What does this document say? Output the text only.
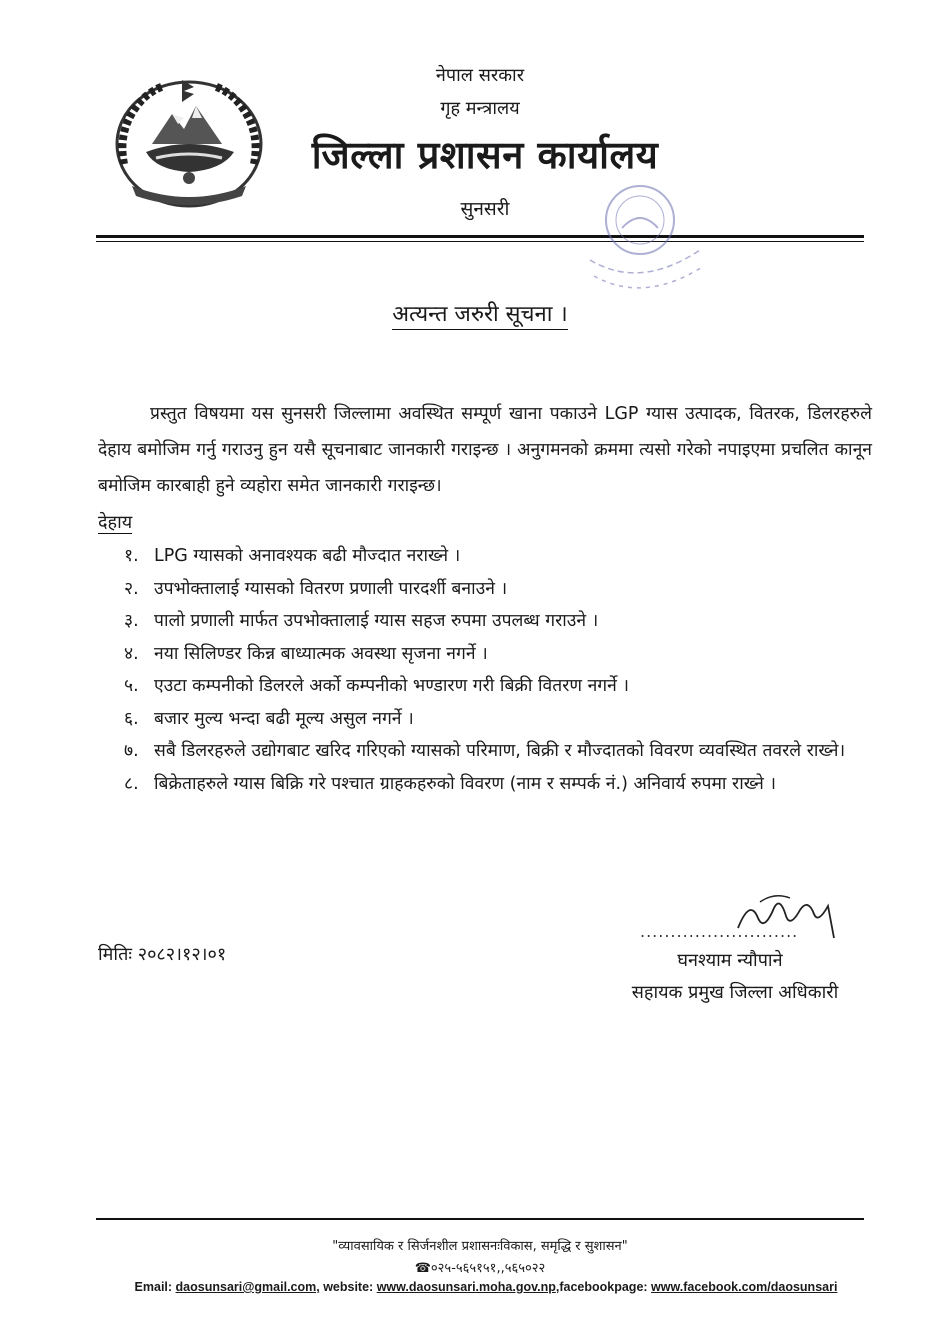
नेपाल सरकार
गृह मन्त्रालय
जिल्ला प्रशासन कार्यालय
सुनसरी
अत्यन्त जरुरी सूचना ।
प्रस्तुत विषयमा यस सुनसरी जिल्लामा अवस्थित सम्पूर्ण खाना पकाउने LGP ग्यास उत्पादक, वितरक, डिलरहरुले देहाय बमोजिम गर्नु गराउनु हुन यसै सूचनाबाट जानकारी गराइन्छ । अनुगमनको क्रममा त्यसो गरेको नपाइएमा प्रचलित कानून बमोजिम कारबाही हुने व्यहोरा समेत जानकारी गराइन्छ।
देहाय
१. LPG ग्यासको अनावश्यक बढी मौज्दात नराख्ने ।
२. उपभोक्तालाई ग्यासको वितरण प्रणाली पारदर्शी बनाउने ।
३. पालो प्रणाली मार्फत उपभोक्तालाई ग्यास सहज रुपमा उपलब्ध गराउने ।
४. नया सिलिण्डर किन्न बाध्यात्मक अवस्था सृजना नगर्ने ।
५. एउटा कम्पनीको डिलरले अर्को कम्पनीको भण्डारण गरी बिक्री वितरण नगर्ने ।
६. बजार मुल्य भन्दा बढी मूल्य असुल नगर्ने ।
७. सबै डिलरहरुले उद्योगबाट खरिद गरिएको ग्यासको परिमाण, बिक्री र मौज्दातको विवरण व्यवस्थित तवरले राख्ने।
८. बिक्रेताहरुले ग्यास बिक्रि गरे पश्चात ग्राहकहरुको विवरण (नाम र सम्पर्क नं.) अनिवार्य रुपमा राख्ने ।
मितिः २०८२।१२।०१
..........................
घनश्याम न्यौपाने
सहायक प्रमुख जिल्ला अधिकारी
"व्यावसायिक र सिर्जनशील प्रशासनःविकास, समृद्धि र सुशासन"
☎०२५-५६५१५१,,५६५०२२
Email: daosunsari@gmail.com, website: www.daosunsari.moha.gov.np,facebookpage: www.facebook.com/daosunsari
